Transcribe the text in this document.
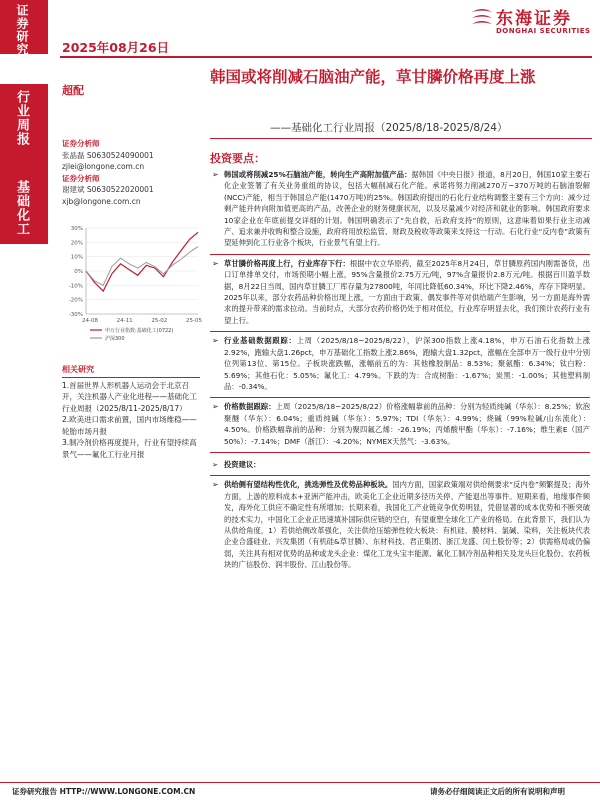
证券研究
行业周报
基础化工
2025年08月26日
东海证券
DONGHAI SECURITIES
超配
韩国或将削减石脑油产能，草甘膦价格再度上涨
——基础化工行业周报（2025/8/18-2025/8/24）
证券分析师
张晶磊 S0630524090001
zjlei@longone.com.cn
证券分析师
谢建斌 S0630522020001
xjb@longone.com.cn
30%
20%
10%
0%
-10%
-20%
-30%
24-08	24-11	25-02	25-05
申万行业指数:基础化工(0722)
沪深300
相关研究
1.首届世界人形机器人运动会于北京召开，关注机器人产业化进程——基础化工行业周报（2025/8/11-2025/8/17）
2.欧美进口需求前置，国内市场维稳——轮胎市场月报
3.制冷剂价格再度提升，行业有望持续高景气——氟化工行业月报
投资要点：
➢ 韩国或将削减25%石脑油产能，转向生产高附加值产品：据韩国《中央日报》报道，8月20日，韩国10家主要石化企业签署了有关业务重组的协议，包括大幅削减石化产能。承诺将努力削减270万~370万吨的石脑油裂解(NCC)产能，相当于韩国总产能(1470万吨)的25%。韩国政府提出的石化行业结构调整主要有三个方向：减少过剩产能并转向附加值更高的产品，改善企业的财务健康状况，以及尽量减少对经济和就业的影响。韩国政府要求10家企业在年底前提交详细的计划。韩国明确表示了“先自救，后政府支持”的原则，这意味着如果行业主动减产、追求兼并收购和整合设施，政府将用放松监管、财政及税收等政策来支持这一行动。石化行业“反内卷”政策有望延伸到化工行业各个板块，行业景气有望上行。
➢ 草甘膦价格再度上行，行业库存下行：根据中农立华原药，截至2025年8月24日，草甘膦原药国内刚需备货，出口订单排单交付，市场预期小幅上涨，95%含量报价2.75万元/吨，97%含量报价2.8万元/吨。根据百川盈孚数据，8月22日当周，国内草甘膦工厂库存量为27800吨，年同比降低60.34%，环比下降2.46%，库存下降明显。2025年以来，部分农药品种价格出现上涨，一方面由于政策、偶发事件等对供给端产生影响，另一方面是海外需求的提升带来的需求拉动。当前时点，大部分农药价格仍处于相对低位，行业库存明显去化，我们预计农药行业有望上行。
➢ 行业基础数据跟踪：上周（2025/8/18~2025/8/22），沪深300指数上涨4.18%，申万石油石化指数上涨2.92%，跑输大盘1.26pct，申万基础化工指数上涨2.86%，跑输大盘1.32pct，涨幅在全部申万一级行业中分别位列第13位、第15位。子板块涨跌幅，涨幅前五的为：其他橡胶制品：8.53%；聚氨酯：6.34%；钛白粉：5.69%；其他石化：5.05%；氟化工：4.79%。下跌的为：合成树脂：-1.67%；炭黑：-1.00%；其他塑料制品：-0.34%。
➢ 价格数据跟踪：上周（2025/8/18~2025/8/22）价格涨幅靠前的品种：分别为轻质纯碱（华东）：8.25%；软泡聚醚（华东）：6.04%；重质纯碱（华东）：5.97%；TDI（华东）：4.99%；烧碱（99%粒碱/山东流化）：4.50%。价格跌幅靠前的品种：分别为聚四氟乙烯：-26.19%；丙烯酸甲酯（华东）：-7.16%；维生素E（国产50%）：-7.14%；DMF（浙江）：-4.20%；NYMEX天然气：-3.63%。
➢ 投资建议：
➢ 供给侧有望结构性优化，挑选弹性及优势品种板块。国内方面，国家政策端对供给侧要求“反内卷”频繁提及；海外方面，上游的原料成本+亚洲产能冲击，欧美化工企业近期多径历关停、产能退出等事件。短期来看，地缘事件频发，海外化工供应不确定性有所增加；长期来看，我国化工产业链竞争优势明显，凭借显著的成本优势和不断突破的技术实力，中国化工企业正迅速填补国际供应链的空白，有望重塑全球化工产业的格局。在此背景下，我们认为从供给角度，1）若供给侧改革强化，关注供给压缩弹性较大板块：有机硅、膜材料、氯碱、染料，关注板块代表企业合盛硅业、兴发集团（有机硅&草甘膦）、东材科技、君正集团、浙江龙盛、闰土股份等；2）供需格局或仍偏弱，关注具有相对优势的品种或龙头企业：煤化工龙头宝丰能源、氟化工制冷剂品种相关及龙头巨化股份、农药板块的广信股份、润丰股份、江山股份等。
证券研究报告 HTTP://WWW.LONGONE.COM.CN	请务必仔细阅读正文后的所有说明和声明
